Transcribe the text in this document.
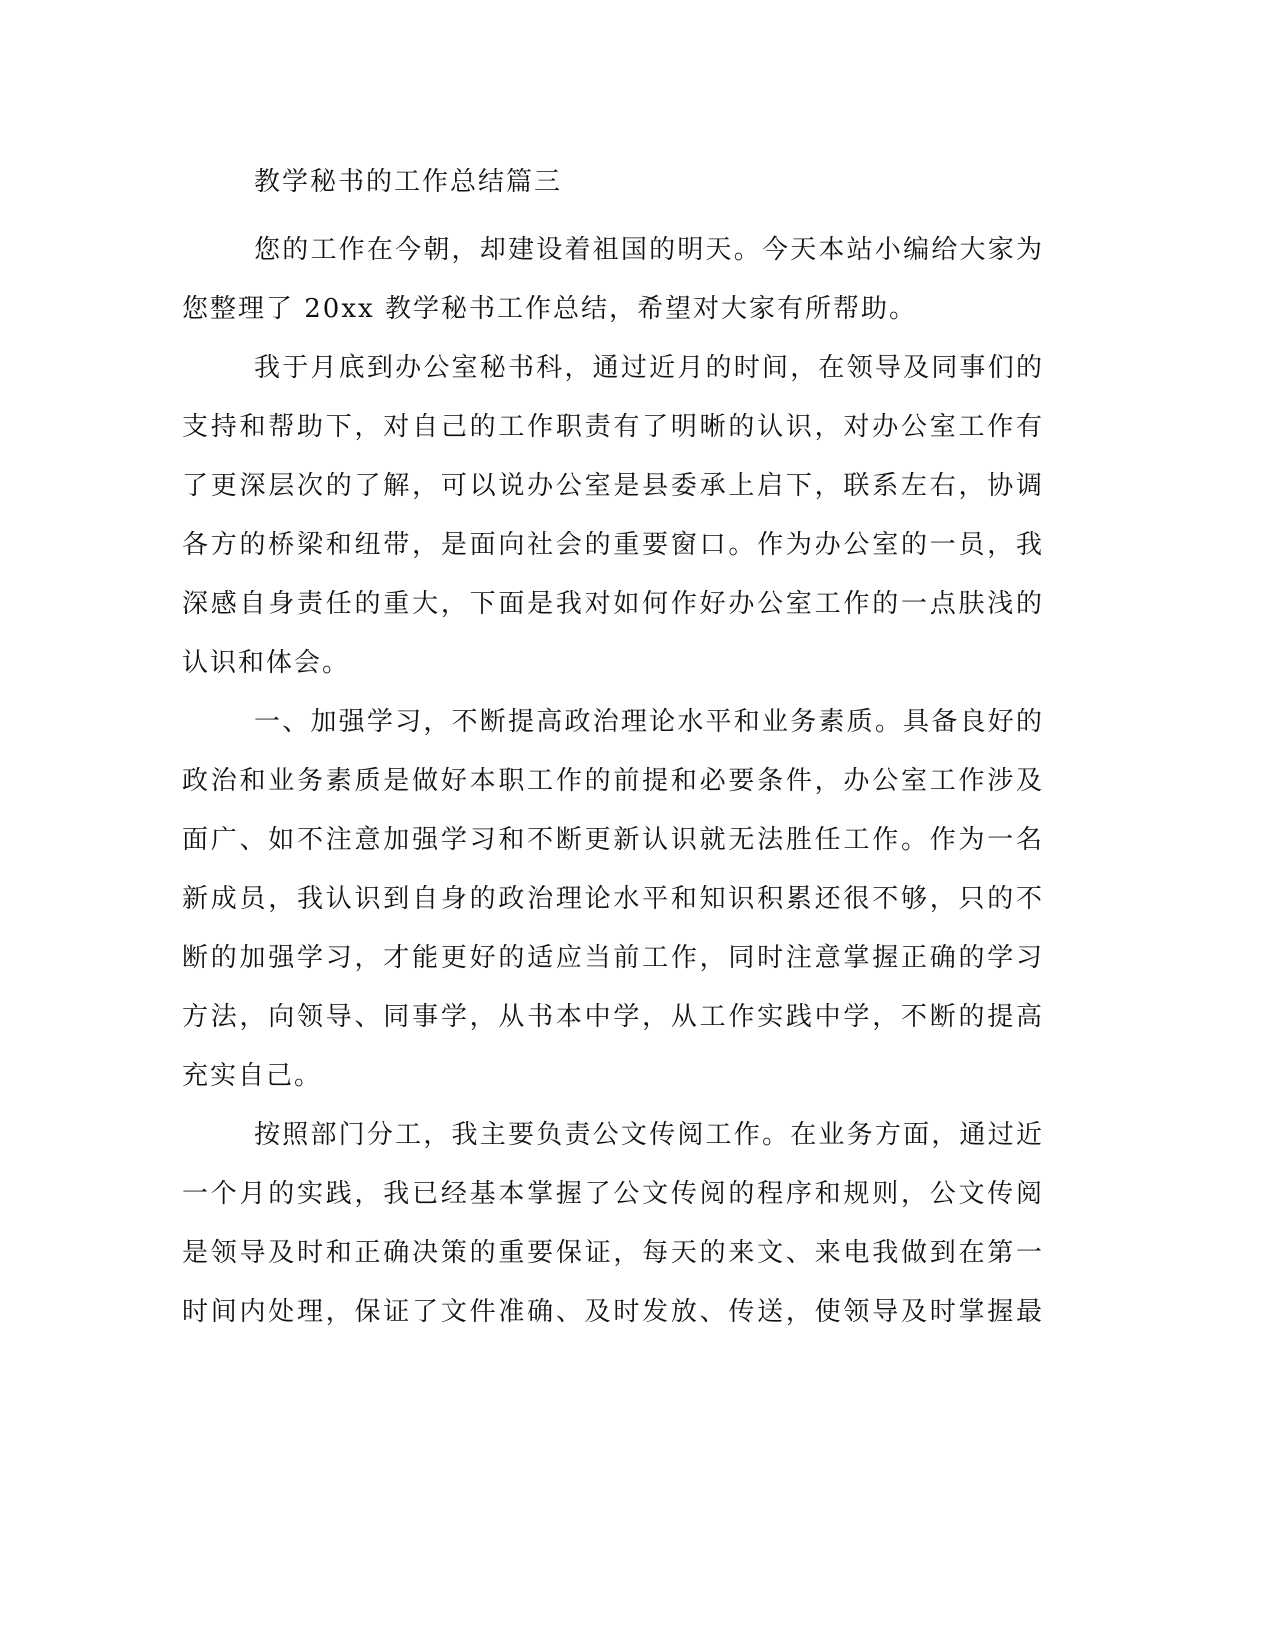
教学秘书的工作总结篇三
您的工作在今朝，却建设着祖国的明天。今天本站小编给大家为
您整理了 20xx 教学秘书工作总结，希望对大家有所帮助。
我于月底到办公室秘书科，通过近月的时间，在领导及同事们的
支持和帮助下，对自己的工作职责有了明晰的认识，对办公室工作有
了更深层次的了解，可以说办公室是县委承上启下，联系左右，协调
各方的桥梁和纽带，是面向社会的重要窗口。作为办公室的一员，我
深感自身责任的重大，下面是我对如何作好办公室工作的一点肤浅的
认识和体会。
一、加强学习，不断提高政治理论水平和业务素质。具备良好的
政治和业务素质是做好本职工作的前提和必要条件，办公室工作涉及
面广、如不注意加强学习和不断更新认识就无法胜任工作。作为一名
新成员，我认识到自身的政治理论水平和知识积累还很不够，只的不
断的加强学习，才能更好的适应当前工作，同时注意掌握正确的学习
方法，向领导、同事学，从书本中学，从工作实践中学，不断的提高
充实自己。
按照部门分工，我主要负责公文传阅工作。在业务方面，通过近
一个月的实践，我已经基本掌握了公文传阅的程序和规则，公文传阅
是领导及时和正确决策的重要保证，每天的来文、来电我做到在第一
时间内处理，保证了文件准确、及时发放、传送，使领导及时掌握最
